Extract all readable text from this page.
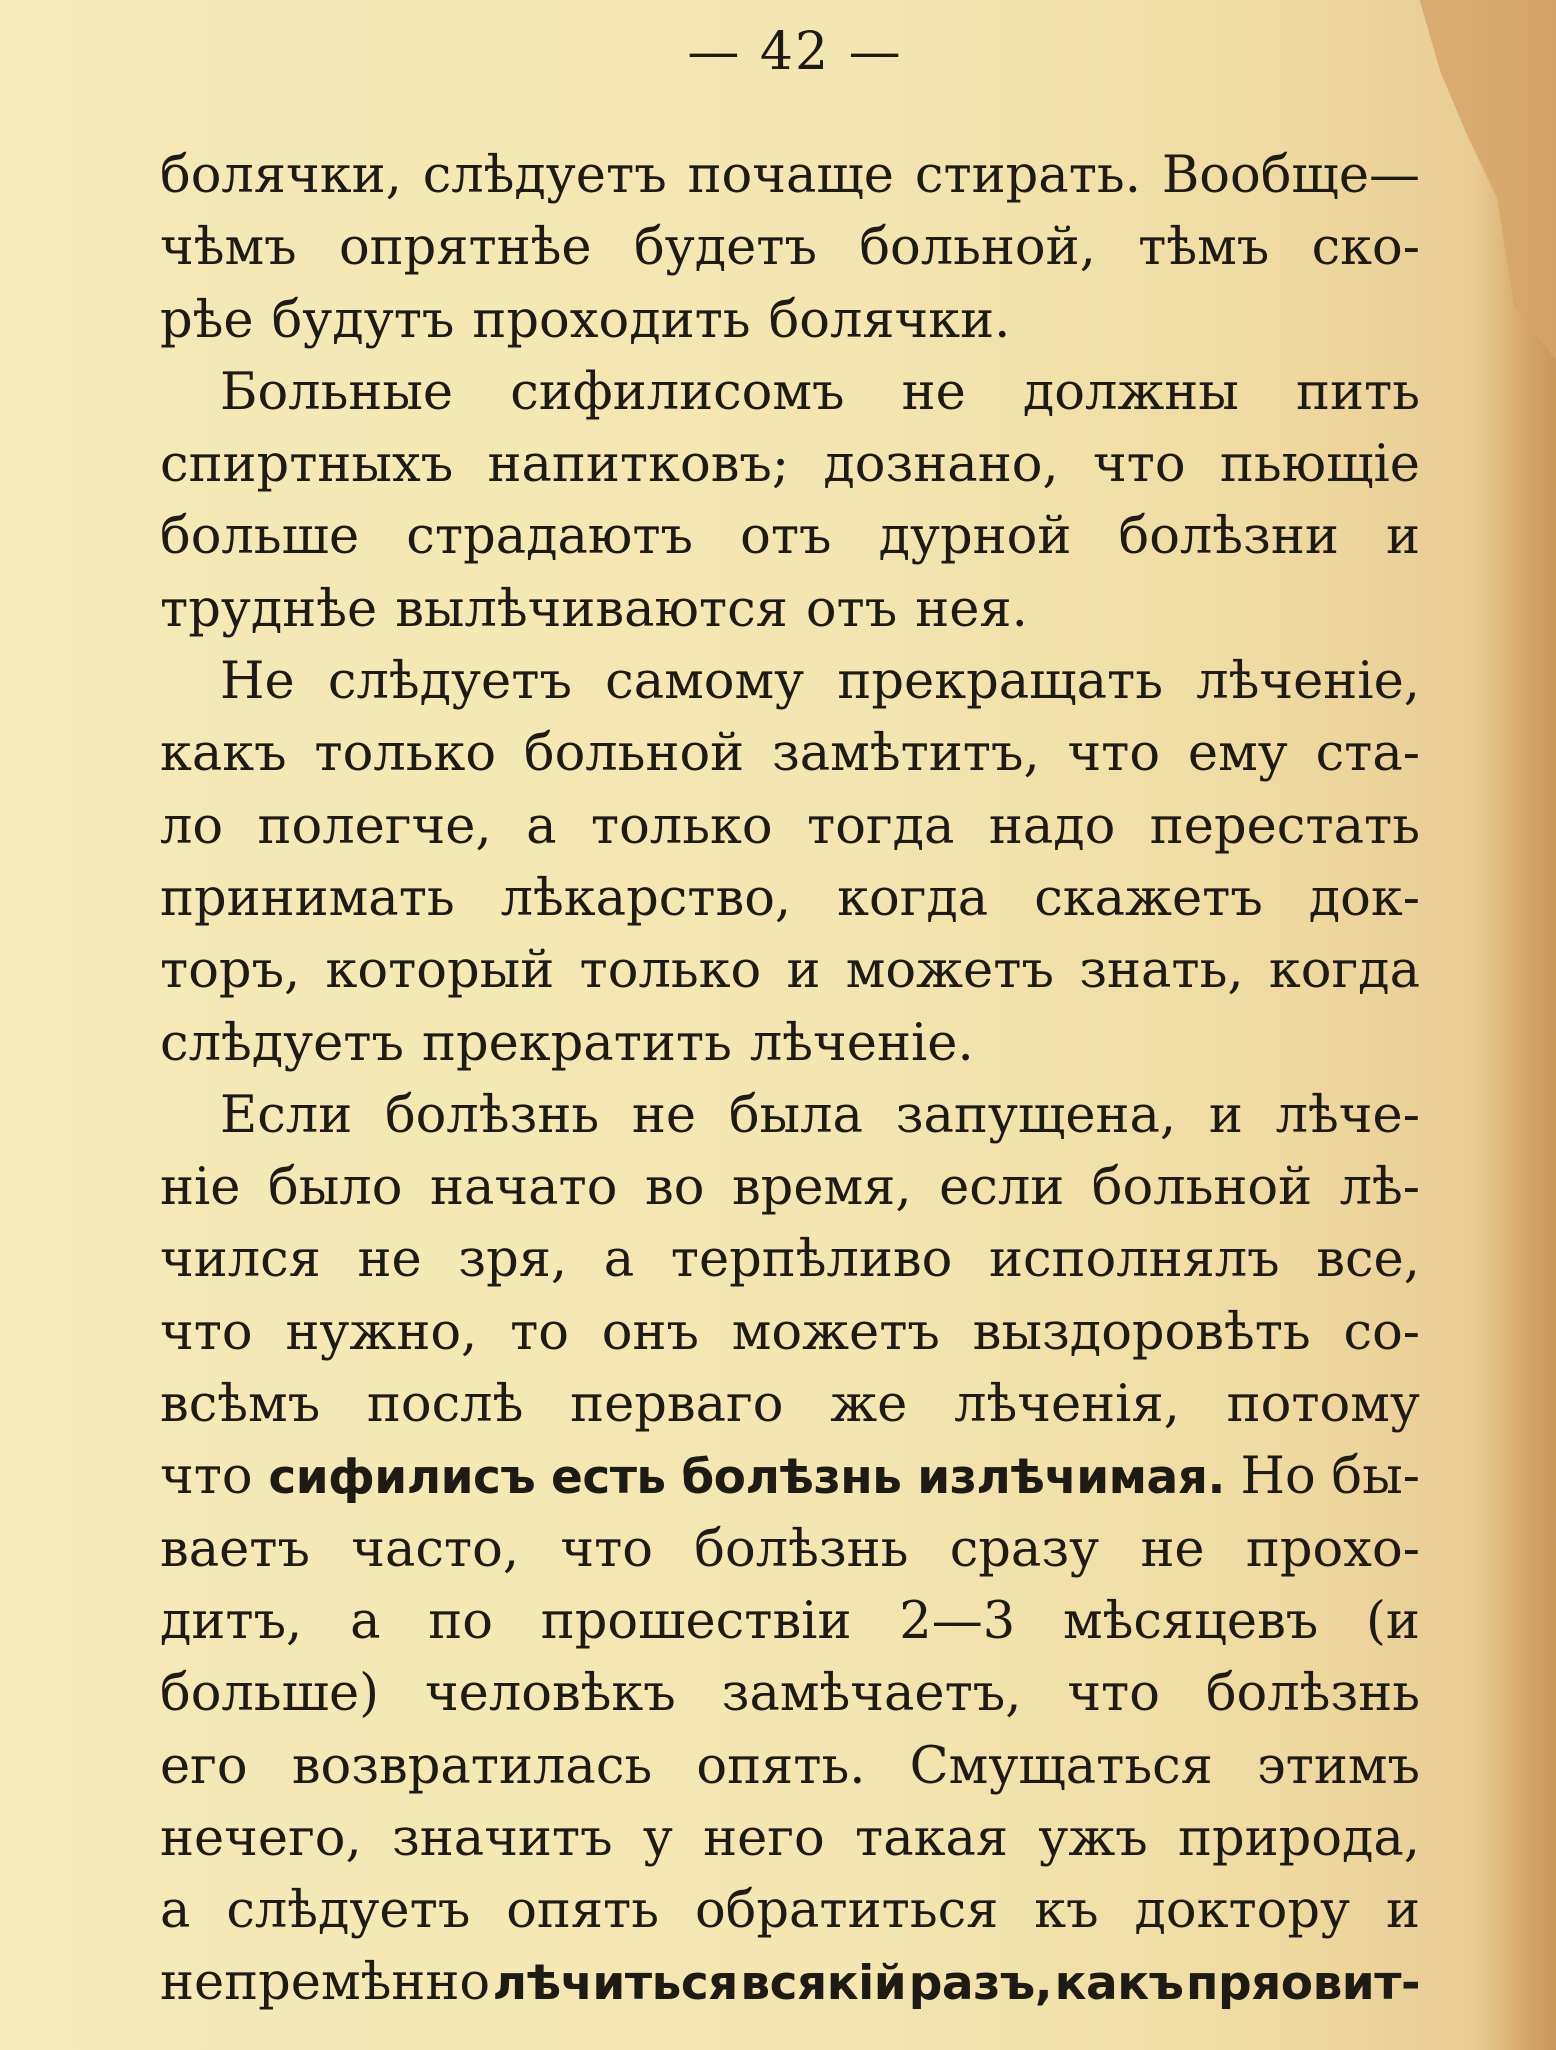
— 42 —
болячки, слѣдуетъ почаще стирать. Вообще—
чѣмъ опрятнѣе будетъ больной, тѣмъ ско-
рѣе будутъ проходить болячки.
Больные сифилисомъ не должны пить
спиртныхъ напитковъ; дознано, что пьющіе
больше страдаютъ отъ дурной болѣзни и
труднѣе вылѣчиваются отъ нея.
Не слѣдуетъ самому прекращать лѣченіе,
какъ только больной замѣтитъ, что ему ста-
ло полегче, а только тогда надо перестать
принимать лѣкарство, когда скажетъ док-
торъ, который только и можетъ знать, когда
слѣдуетъ прекратить лѣченіе.
Если болѣзнь не была запущена, и лѣче-
ніе было начато во время, если больной лѣ-
чился не зря, а терпѣливо исполнялъ все,
что нужно, то онъ можетъ выздоровѣть со-
всѣмъ послѣ перваго же лѣченія, потому
что сифилисъ есть болѣзнь излѣчимая. Но бы-
ваетъ часто, что болѣзнь сразу не прохо-
дитъ, а по прошествіи 2—3 мѣсяцевъ (и
больше) человѣкъ замѣчаетъ, что болѣзнь
его возвратилась опять. Смущаться этимъ
нечего, значитъ у него такая ужъ природа,
а слѣдуетъ опять обратиться къ доктору и
непремѣнно лѣчиться всякій разъ, какъ пряовит-
